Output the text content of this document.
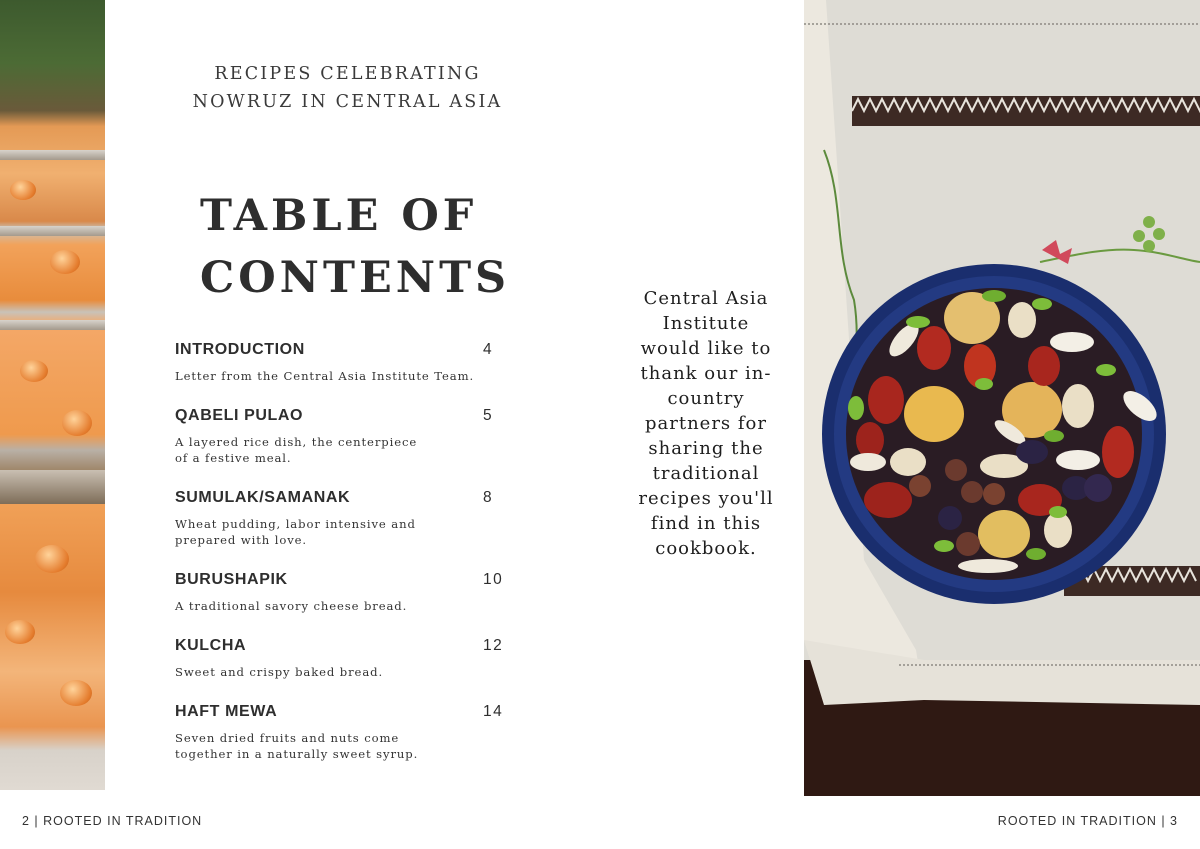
RECIPES CELEBRATING
NOWRUZ IN CENTRAL ASIA
TABLE OF
CONTENTS
INTRODUCTION	4
Letter from the Central Asia Institute Team.
QABELI PULAO	5
A layered rice dish, the centerpiece
of a festive meal.
SUMULAK/SAMANAK	8
Wheat pudding, labor intensive and
prepared with love.
BURUSHAPIK	10
A traditional savory cheese bread.
KULCHA	12
Sweet and crispy baked bread.
HAFT MEWA	14
Seven dried fruits and nuts come
together in a naturally sweet syrup.
Central Asia
Institute
would like to
thank our in-
country
partners for
sharing the
traditional
recipes you'll
find in this
cookbook.
2 | ROOTED IN TRADITION	ROOTED IN TRADITION | 3
